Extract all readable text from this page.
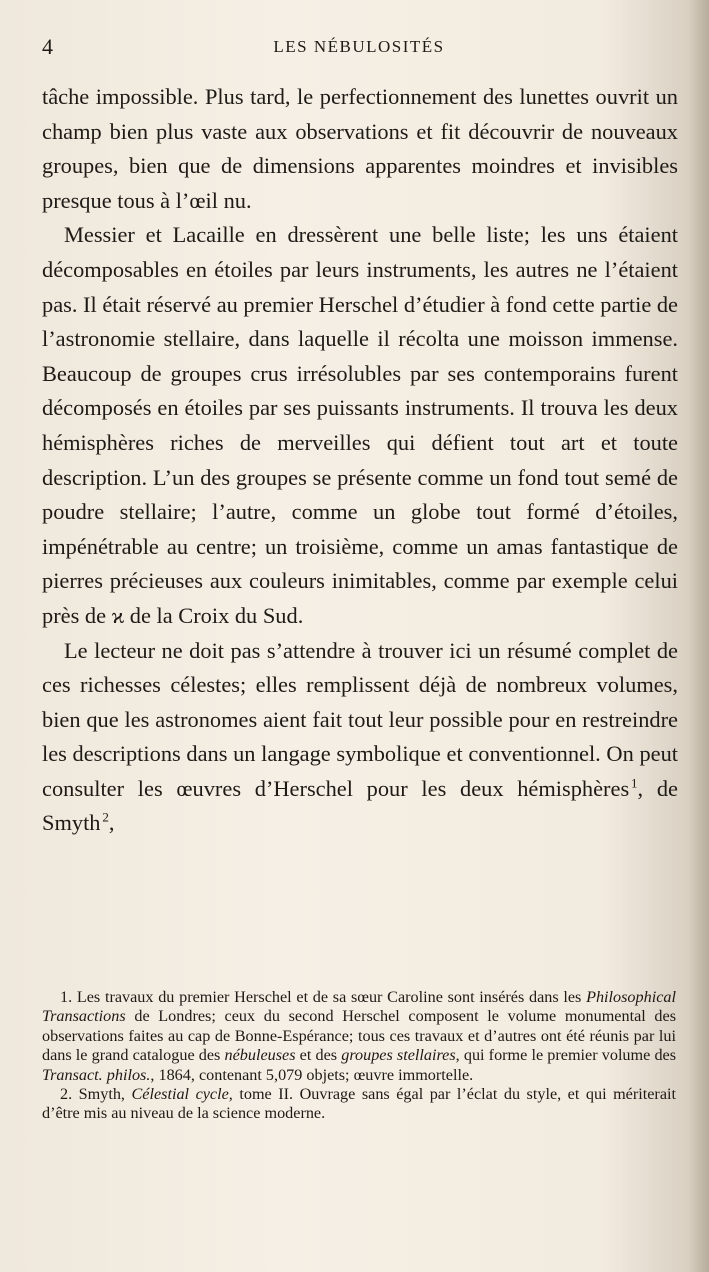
4	LES NÉBULOSITÉS

tâche impossible. Plus tard, le perfectionnement des lunettes ouvrit un champ bien plus vaste aux observations et fit découvrir de nouveaux groupes, bien que de dimensions apparentes moindres et invisibles presque tous à l’œil nu.

Messier et Lacaille en dressèrent une belle liste; les uns étaient décomposables en étoiles par leurs instruments, les autres ne l’étaient pas. Il était réservé au premier Herschel d’étudier à fond cette partie de l’astronomie stellaire, dans laquelle il récolta une moisson immense. Beaucoup de groupes crus irrésolubles par ses contemporains furent décomposés en étoiles par ses puissants instruments. Il trouva les deux hémisphères riches de merveilles qui défient tout art et toute description. L’un des groupes se présente comme un fond tout semé de poudre stellaire; l’autre, comme un globe tout formé d’étoiles, impénétrable au centre; un troisième, comme un amas fantastique de pierres précieuses aux couleurs inimitables, comme par exemple celui près de ϰ de la Croix du Sud.

Le lecteur ne doit pas s’attendre à trouver ici un résumé complet de ces richesses célestes; elles remplissent déjà de nombreux volumes, bien que les astronomes aient fait tout leur possible pour en restreindre les descriptions dans un langage symbolique et conventionnel. On peut consulter les œuvres d’Herschel pour les deux hémisphères  $^1$, de Smyth  $^2$,

1. Les travaux du premier Herschel et de sa sœur Caroline sont insérés dans les Philosophical Transactions de Londres; ceux du second Herschel composent le volume monumental des observations faites au cap de Bonne-Espérance; tous ces travaux et d’autres ont été réunis par lui dans le grand catalogue des nébuleuses et des groupes stellaires, qui forme le premier volume des Transact. philos., 1864, contenant 5,079 objets; œuvre immortelle.

2. Smyth, Célestial cycle, tome II. Ouvrage sans égal par l’éclat du style, et qui mériterait d’être mis au niveau de la science moderne.
